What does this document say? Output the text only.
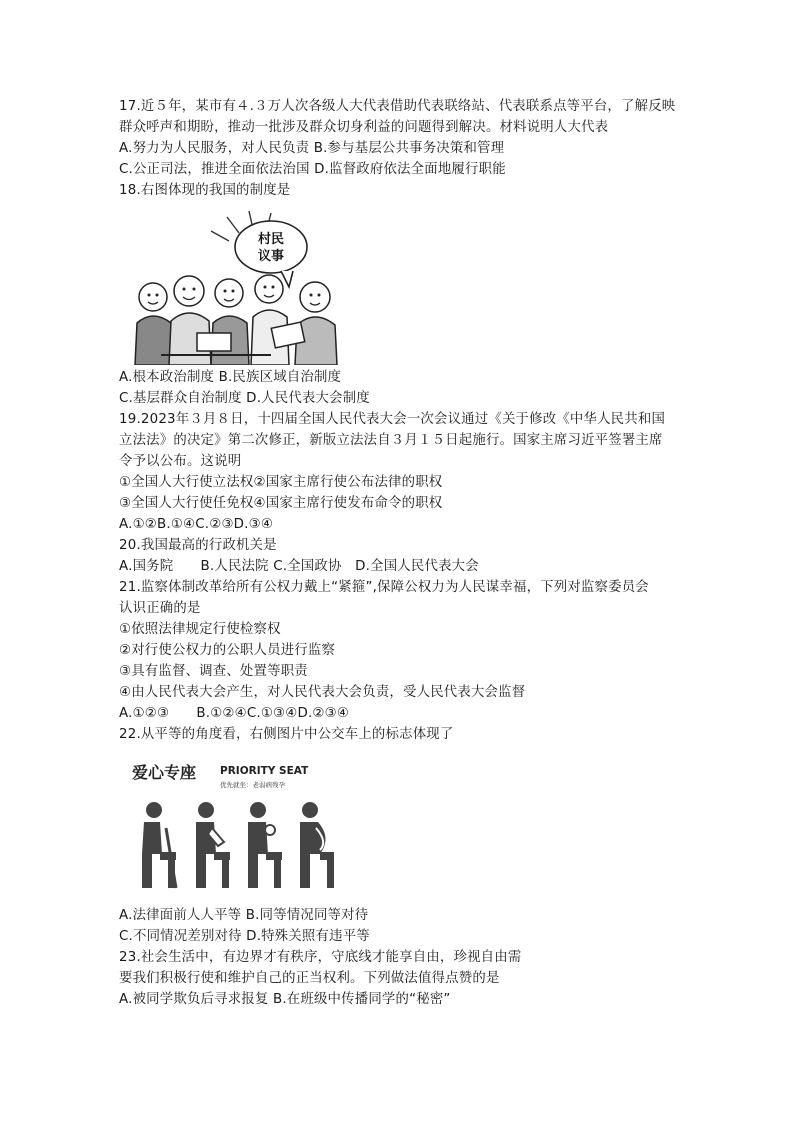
17.近５年，某市有４.３万人次各级人大代表借助代表联络站、代表联系点等平台，了解反映
群众呼声和期盼，推动一批涉及群众切身利益的问题得到解决。材料说明人大代表
A.努力为人民服务，对人民负责 B.参与基层公共事务决策和管理
C.公正司法，推进全面依法治国 D.监督政府依法全面地履行职能
18.右图体现的我国的制度是
村民
议事
A.根本政治制度 B.民族区域自治制度
C.基层群众自治制度 D.人民代表大会制度
19.2023年３月８日，十四届全国人民代表大会一次会议通过《关于修改《中华人民共和国
立法法》的决定》第二次修正，新版立法法自３月１５日起施行。国家主席习近平签署主席
令予以公布。这说明
①全国人大行使立法权②国家主席行使公布法律的职权
③全国人大行使任免权④国家主席行使发布命令的职权
A.①②B.①④C.②③D.③④
20.我国最高的行政机关是
A.国务院　　B.人民法院 C.全国政协　D.全国人民代表大会
21.监察体制改革给所有公权力戴上“紧箍”,保障公权力为人民谋幸福，下列对监察委员会
认识正确的是
①依照法律规定行使检察权
②对行使公权力的公职人员进行监察
③具有监督、调查、处置等职责
④由人民代表大会产生，对人民代表大会负责，受人民代表大会监督
A.①②③　　B.①②④C.①③④D.②③④
22.从平等的角度看，右侧图片中公交车上的标志体现了
爱心专座 PRIORITY SEAT
优先就坐：老弱病残孕
A.法律面前人人平等 B.同等情况同等对待
C.不同情况差别对待 D.特殊关照有违平等
23.社会生活中，有边界才有秩序，守底线才能享自由，珍视自由需
要我们积极行使和维护自己的正当权利。下列做法值得点赞的是
A.被同学欺负后寻求报复 B.在班级中传播同学的“秘密”
